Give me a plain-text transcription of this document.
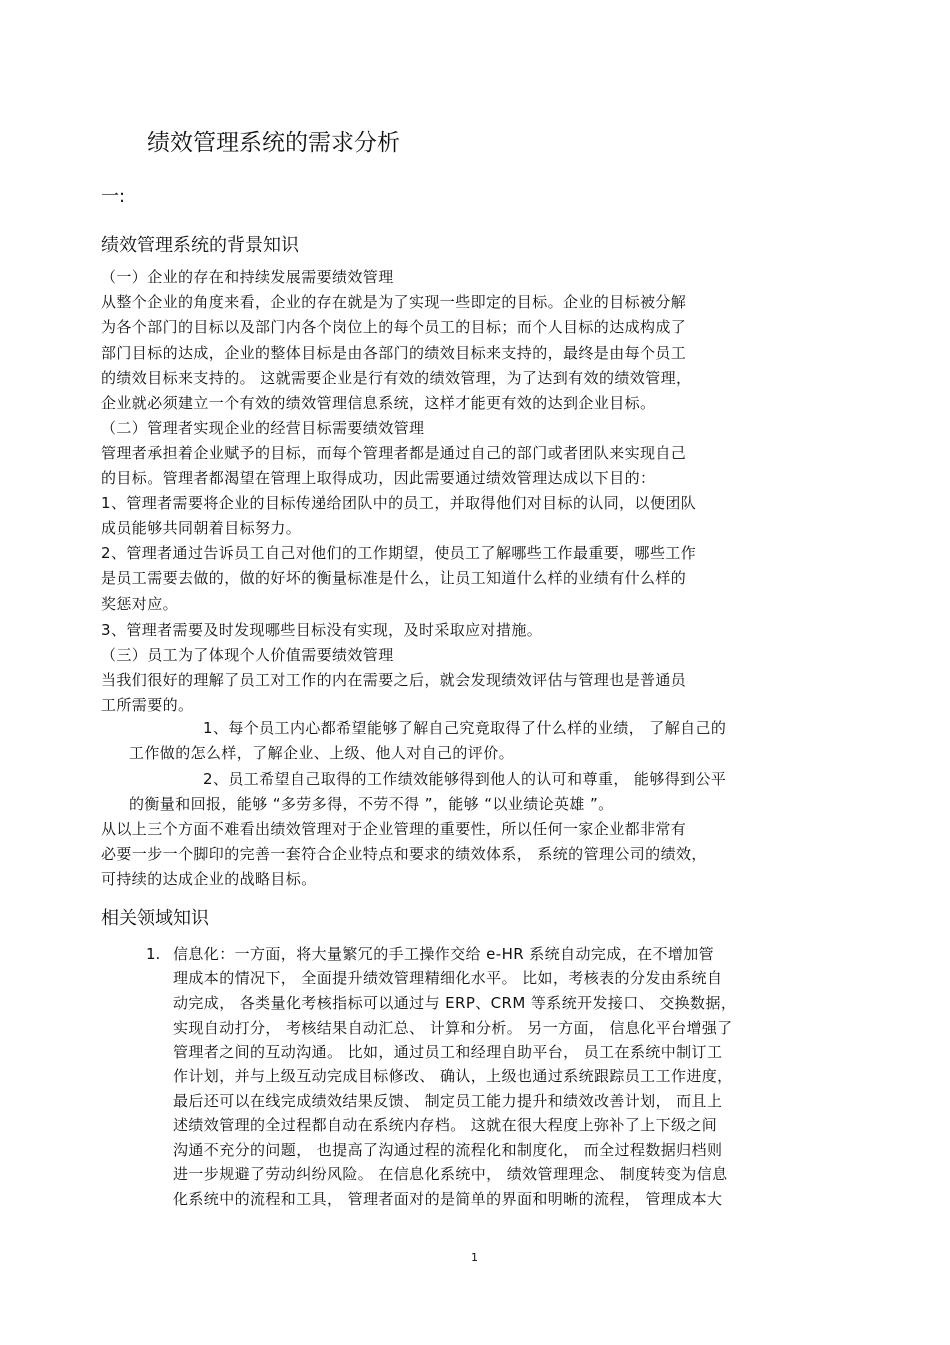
绩效管理系统的需求分析
一:
绩效管理系统的背景知识
（一）企业的存在和持续发展需要绩效管理
从整个企业的角度来看，企业的存在就是为了实现一些即定的目标。企业的目标被分解
为各个部门的目标以及部门内各个岗位上的每个员工的目标；而个人目标的达成构成了
部门目标的达成，企业的整体目标是由各部门的绩效目标来支持的，最终是由每个员工
的绩效目标来支持的。 这就需要企业是行有效的绩效管理，为了达到有效的绩效管理，
企业就必须建立一个有效的绩效管理信息系统，这样才能更有效的达到企业目标。
（二）管理者实现企业的经营目标需要绩效管理
管理者承担着企业赋予的目标，而每个管理者都是通过自己的部门或者团队来实现自己
的目标。管理者都渴望在管理上取得成功，因此需要通过绩效管理达成以下目的：
1、管理者需要将企业的目标传递给团队中的员工，并取得他们对目标的认同，以便团队
成员能够共同朝着目标努力。
2、管理者通过告诉员工自己对他们的工作期望，使员工了解哪些工作最重要，哪些工作
是员工需要去做的，做的好坏的衡量标准是什么，让员工知道什么样的业绩有什么样的
奖惩对应。
3、管理者需要及时发现哪些目标没有实现，及时采取应对措施。
（三）员工为了体现个人价值需要绩效管理
当我们很好的理解了员工对工作的内在需要之后，就会发现绩效评估与管理也是普通员
工所需要的。
1、每个员工内心都希望能够了解自己究竟取得了什么样的业绩， 了解自己的
工作做的怎么样，了解企业、上级、他人对自己的评价。
2、员工希望自己取得的工作绩效能够得到他人的认可和尊重， 能够得到公平
的衡量和回报，能够 “多劳多得，不劳不得 ”，能够 “以业绩论英雄 ”。
从以上三个方面不难看出绩效管理对于企业管理的重要性，所以任何一家企业都非常有
必要一步一个脚印的完善一套符合企业特点和要求的绩效体系， 系统的管理公司的绩效，
可持续的达成企业的战略目标。
相关领域知识
1. 信息化：一方面，将大量繁冗的手工操作交给 e-HR 系统自动完成，在不增加管
理成本的情况下， 全面提升绩效管理精细化水平。 比如，考核表的分发由系统自
动完成， 各类量化考核指标可以通过与 ERP、CRM 等系统开发接口、 交换数据，
实现自动打分， 考核结果自动汇总、 计算和分析。 另一方面， 信息化平台增强了
管理者之间的互动沟通。 比如，通过员工和经理自助平台， 员工在系统中制订工
作计划，并与上级互动完成目标修改、 确认，上级也通过系统跟踪员工工作进度，
最后还可以在线完成绩效结果反馈、 制定员工能力提升和绩效改善计划， 而且上
述绩效管理的全过程都自动在系统内存档。 这就在很大程度上弥补了上下级之间
沟通不充分的问题， 也提高了沟通过程的流程化和制度化， 而全过程数据归档则
进一步规避了劳动纠纷风险。 在信息化系统中， 绩效管理理念、 制度转变为信息
化系统中的流程和工具， 管理者面对的是简单的界面和明晰的流程， 管理成本大
1
